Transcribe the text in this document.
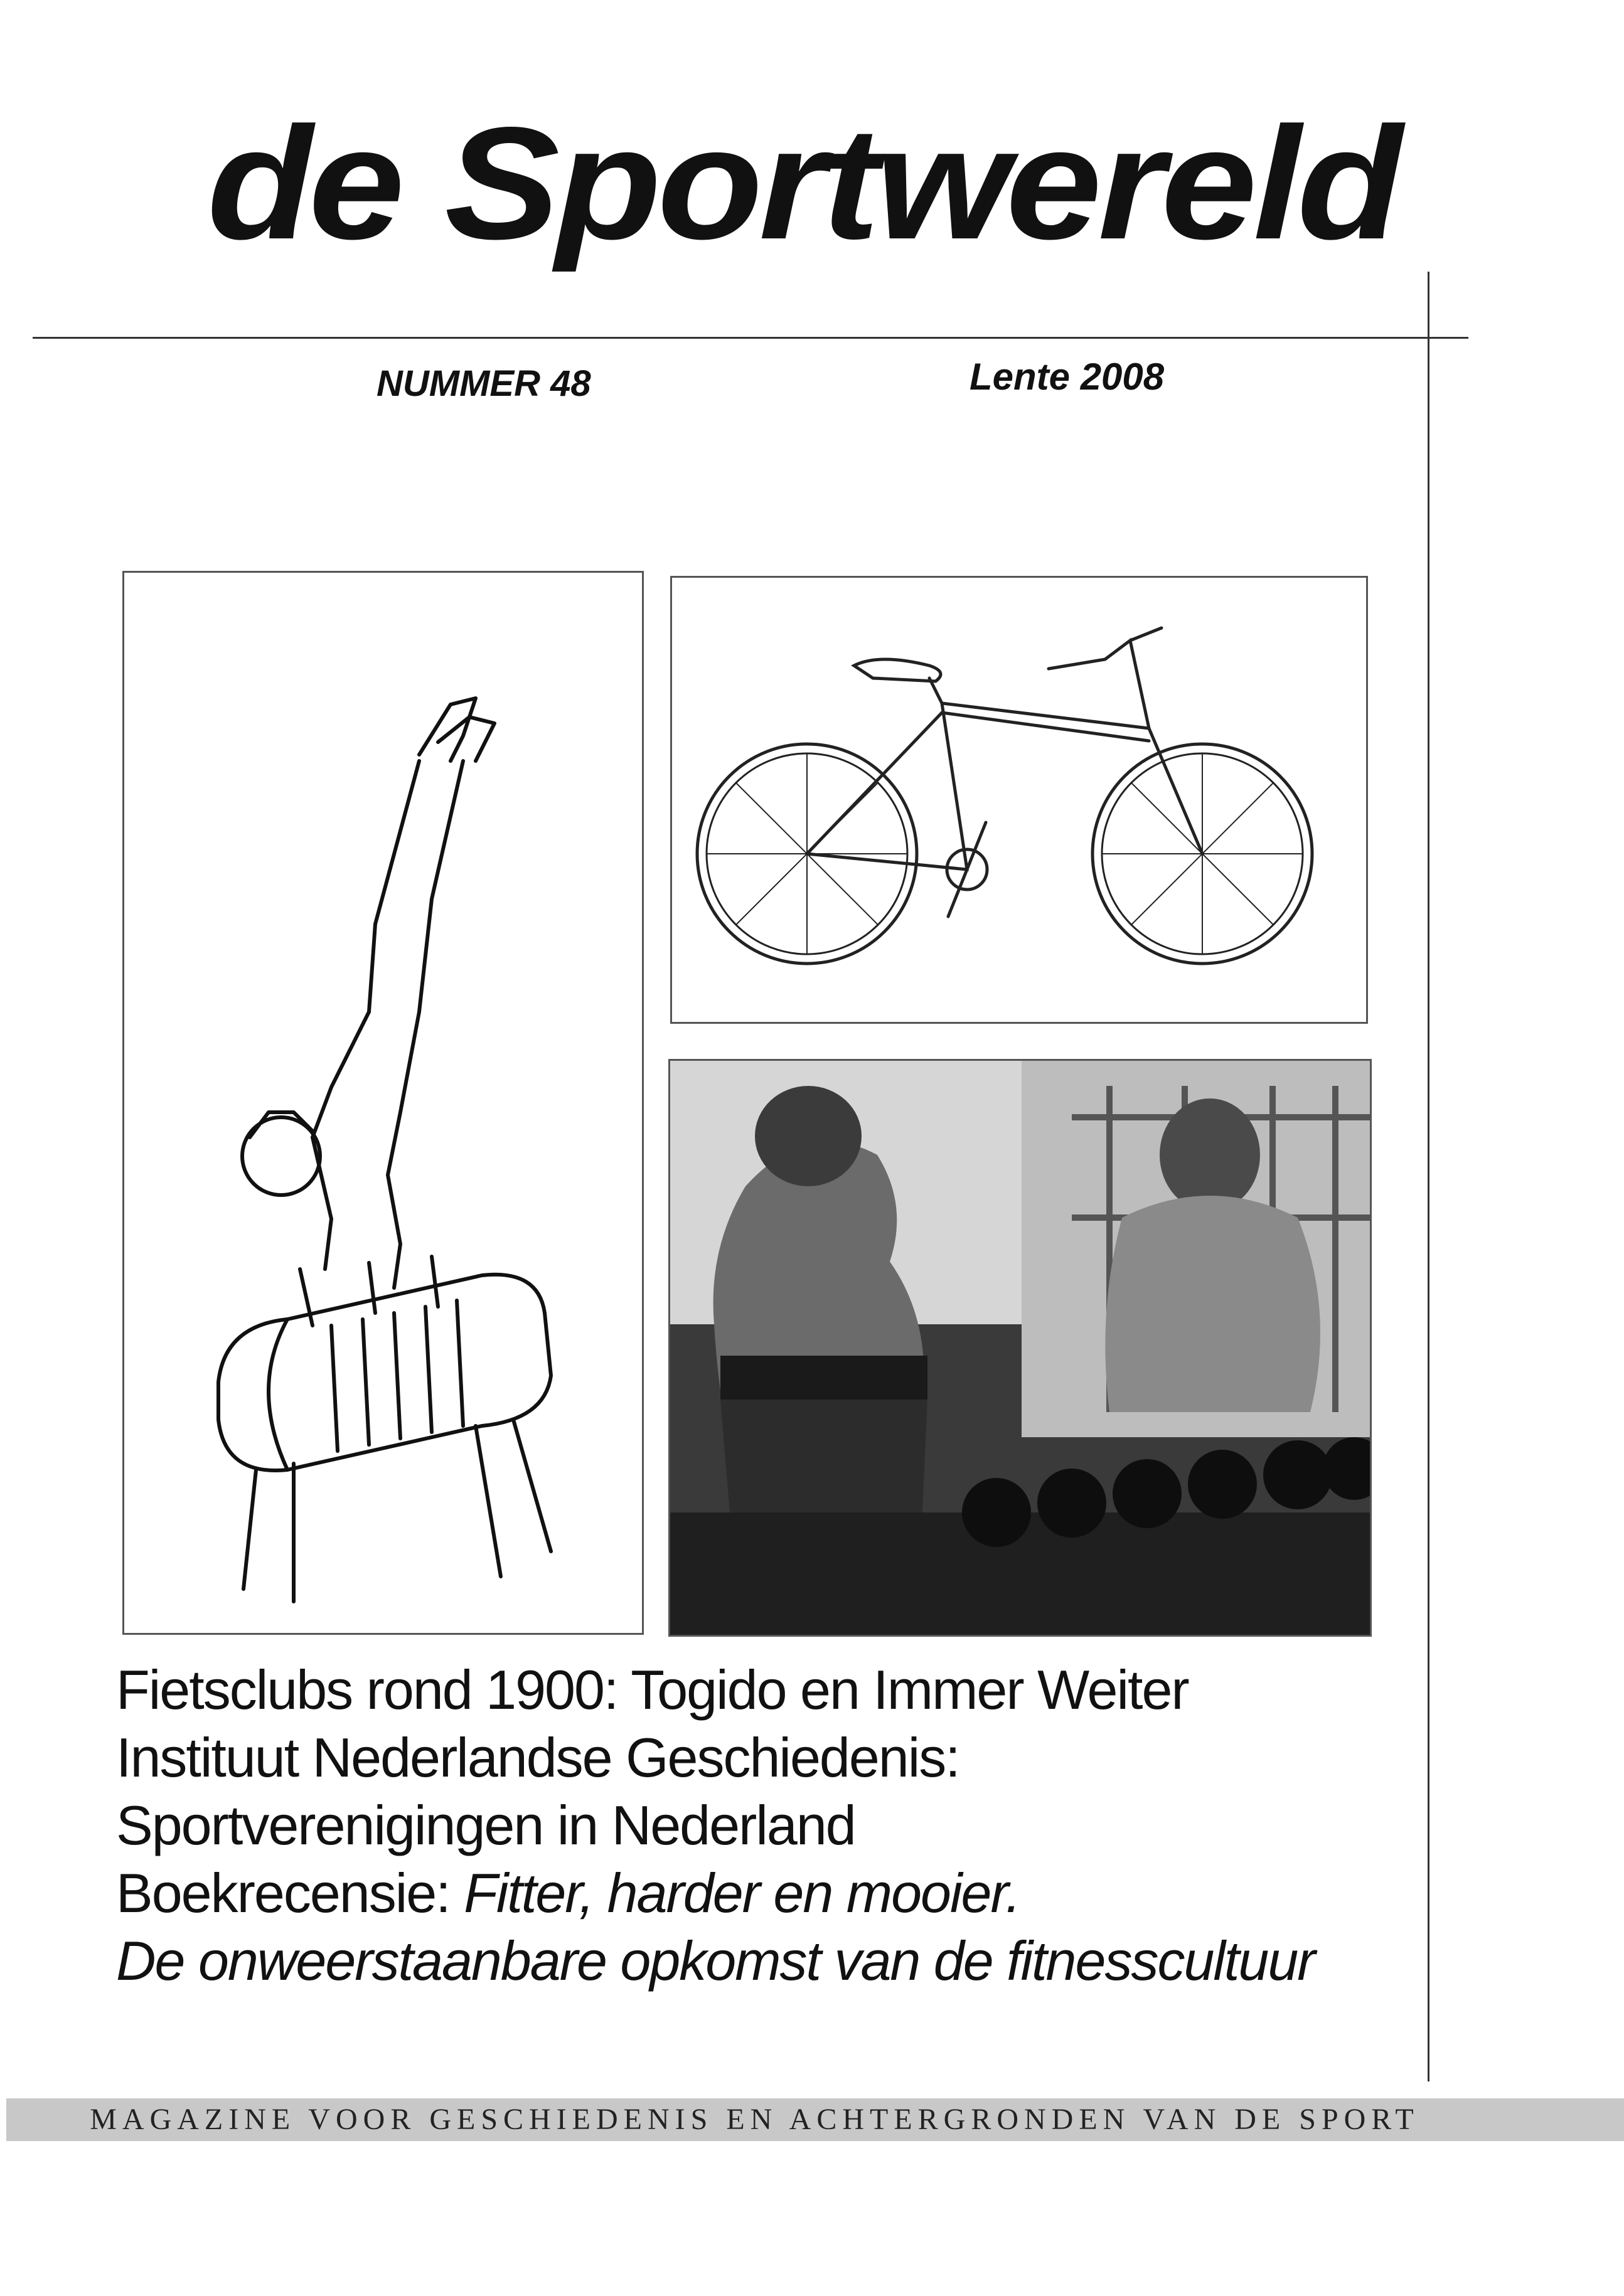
de Sportwereld
NUMMER 48	Lente 2008
Fietsclubs rond 1900: Togido en Immer Weiter
Instituut Nederlandse Geschiedenis:
Sportverenigingen in Nederland
Boekrecensie: Fitter, harder en mooier.
De onweerstaanbare opkomst van de fitnesscultuur
MAGAZINE VOOR GESCHIEDENIS EN ACHTERGRONDEN VAN DE SPORT
